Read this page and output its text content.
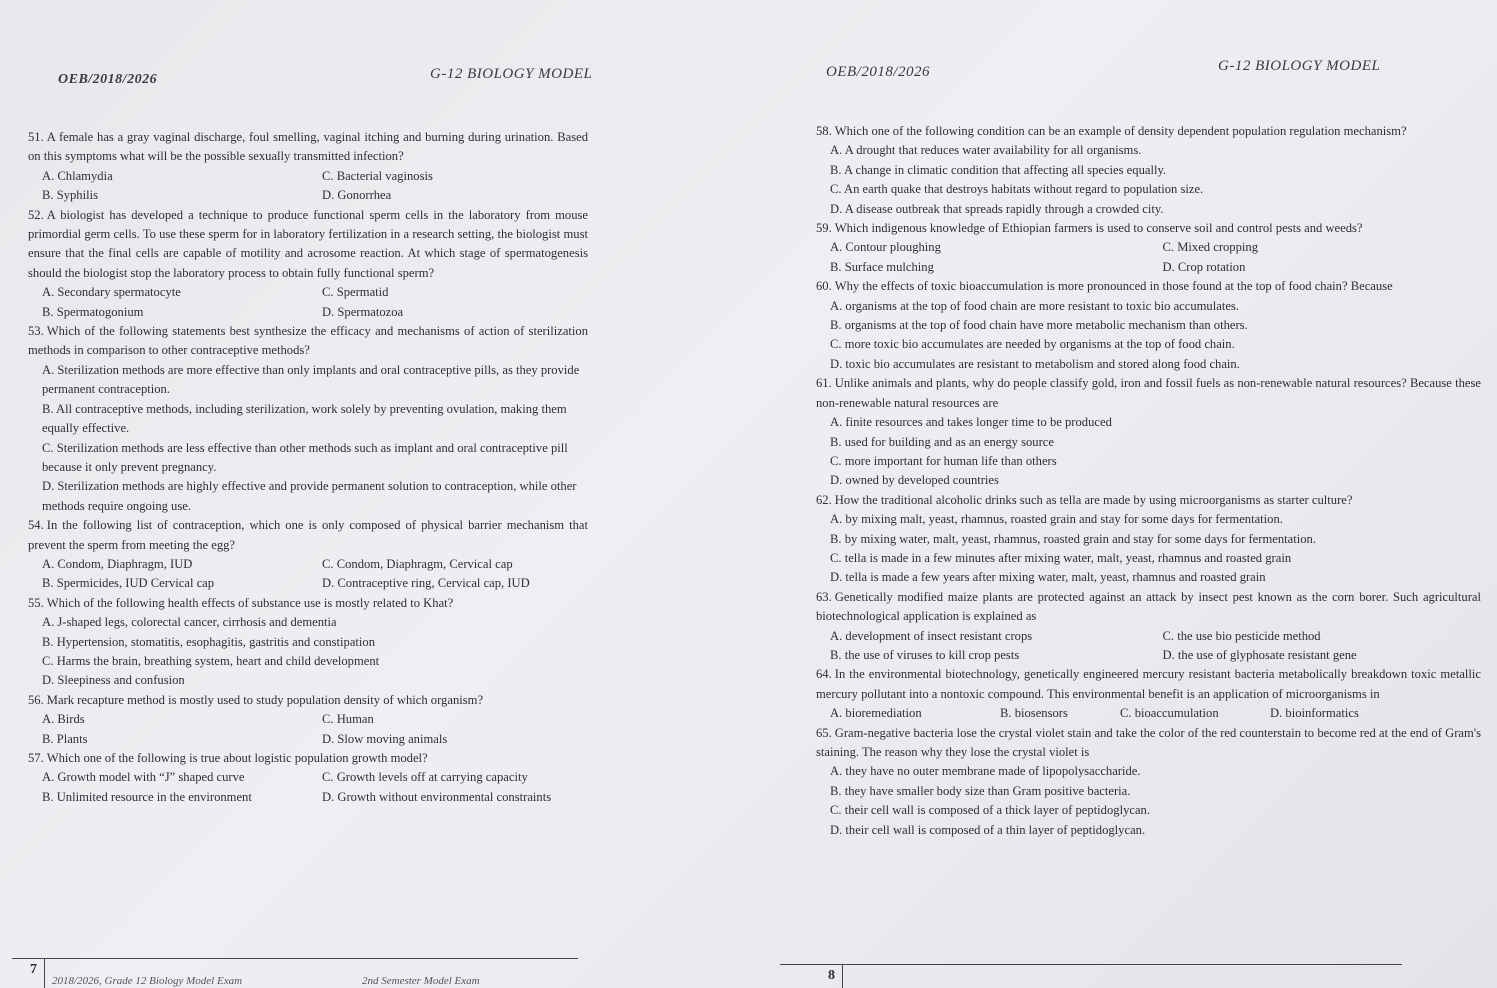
OEB/2018/2026	G-12 BIOLOGY MODEL
51. A female has a gray vaginal discharge, foul smelling, vaginal itching and burning during urination. Based on this symptoms what will be the possible sexually transmitted infection?
A. Chlamydia	C. Bacterial vaginosis
B. Syphilis	D. Gonorrhea
52. A biologist has developed a technique to produce functional sperm cells in the laboratory from mouse primordial germ cells. To use these sperm for in laboratory fertilization in a research setting, the biologist must ensure that the final cells are capable of motility and acrosome reaction. At which stage of spermatogenesis should the biologist stop the laboratory process to obtain fully functional sperm?
A. Secondary spermatocyte	C. Spermatid
B. Spermatogonium	D. Spermatozoa
53. Which of the following statements best synthesize the efficacy and mechanisms of action of sterilization methods in comparison to other contraceptive methods?
A. Sterilization methods are more effective than only implants and oral contraceptive pills, as they provide permanent contraception.
B. All contraceptive methods, including sterilization, work solely by preventing ovulation, making them equally effective.
C. Sterilization methods are less effective than other methods such as implant and oral contraceptive pill because it only prevent pregnancy.
D. Sterilization methods are highly effective and provide permanent solution to contraception, while other methods require ongoing use.
54. In the following list of contraception, which one is only composed of physical barrier mechanism that prevent the sperm from meeting the egg?
A. Condom, Diaphragm, IUD	C. Condom, Diaphragm, Cervical cap
B. Spermicides, IUD Cervical cap	D. Contraceptive ring, Cervical cap, IUD
55. Which of the following health effects of substance use is mostly related to Khat?
A. J-shaped legs, colorectal cancer, cirrhosis and dementia
B. Hypertension, stomatitis, esophagitis, gastritis and constipation
C. Harms the brain, breathing system, heart and child development
D. Sleepiness and confusion
56. Mark recapture method is mostly used to study population density of which organism?
A. Birds	C. Human
B. Plants	D. Slow moving animals
57. Which one of the following is true about logistic population growth model?
A. Growth model with “J” shaped curve	C. Growth levels off at carrying capacity
B. Unlimited resource in the environment	D. Growth without environmental constraints
7
2018/2026, Grade 12 Biology Model Exam	2nd Semester Model Exam
OEB/2018/2026	G-12 BIOLOGY MODEL
58. Which one of the following condition can be an example of density dependent population regulation mechanism?
A. A drought that reduces water availability for all organisms.
B. A change in climatic condition that affecting all species equally.
C. An earth quake that destroys habitats without regard to population size.
D. A disease outbreak that spreads rapidly through a crowded city.
59. Which indigenous knowledge of Ethiopian farmers is used to conserve soil and control pests and weeds?
A. Contour ploughing	C. Mixed cropping
B. Surface mulching	D. Crop rotation
60. Why the effects of toxic bioaccumulation is more pronounced in those found at the top of food chain? Because
A. organisms at the top of food chain are more resistant to toxic bio accumulates.
B. organisms at the top of food chain have more metabolic mechanism than others.
C. more toxic bio accumulates are needed by organisms at the top of food chain.
D. toxic bio accumulates are resistant to metabolism and stored along food chain.
61. Unlike animals and plants, why do people classify gold, iron and fossil fuels as non-renewable natural resources? Because these non-renewable natural resources are
A. finite resources and takes longer time to be produced
B. used for building and as an energy source
C. more important for human life than others
D. owned by developed countries
62. How the traditional alcoholic drinks such as tella are made by using microorganisms as starter culture?
A. by mixing malt, yeast, rhamnus, roasted grain and stay for some days for fermentation.
B. by mixing water, malt, yeast, rhamnus, roasted grain and stay for some days for fermentation.
C. tella is made in a few minutes after mixing water, malt, yeast, rhamnus and roasted grain
D. tella is made a few years after mixing water, malt, yeast, rhamnus and roasted grain
63. Genetically modified maize plants are protected against an attack by insect pest known as the corn borer. Such agricultural biotechnological application is explained as
A. development of insect resistant crops	C. the use bio pesticide method
B. the use of viruses to kill crop pests	D. the use of glyphosate resistant gene
64. In the environmental biotechnology, genetically engineered mercury resistant bacteria metabolically breakdown toxic metallic mercury pollutant into a nontoxic compound. This environmental benefit is an application of microorganisms in
A. bioremediation	B. biosensors	C. bioaccumulation	D. bioinformatics
65. Gram-negative bacteria lose the crystal violet stain and take the color of the red counterstain to become red at the end of Gram's staining. The reason why they lose the crystal violet is
A. they have no outer membrane made of lipopolysaccharide.
B. they have smaller body size than Gram positive bacteria.
C. their cell wall is composed of a thick layer of peptidoglycan.
D. their cell wall is composed of a thin layer of peptidoglycan.
8
